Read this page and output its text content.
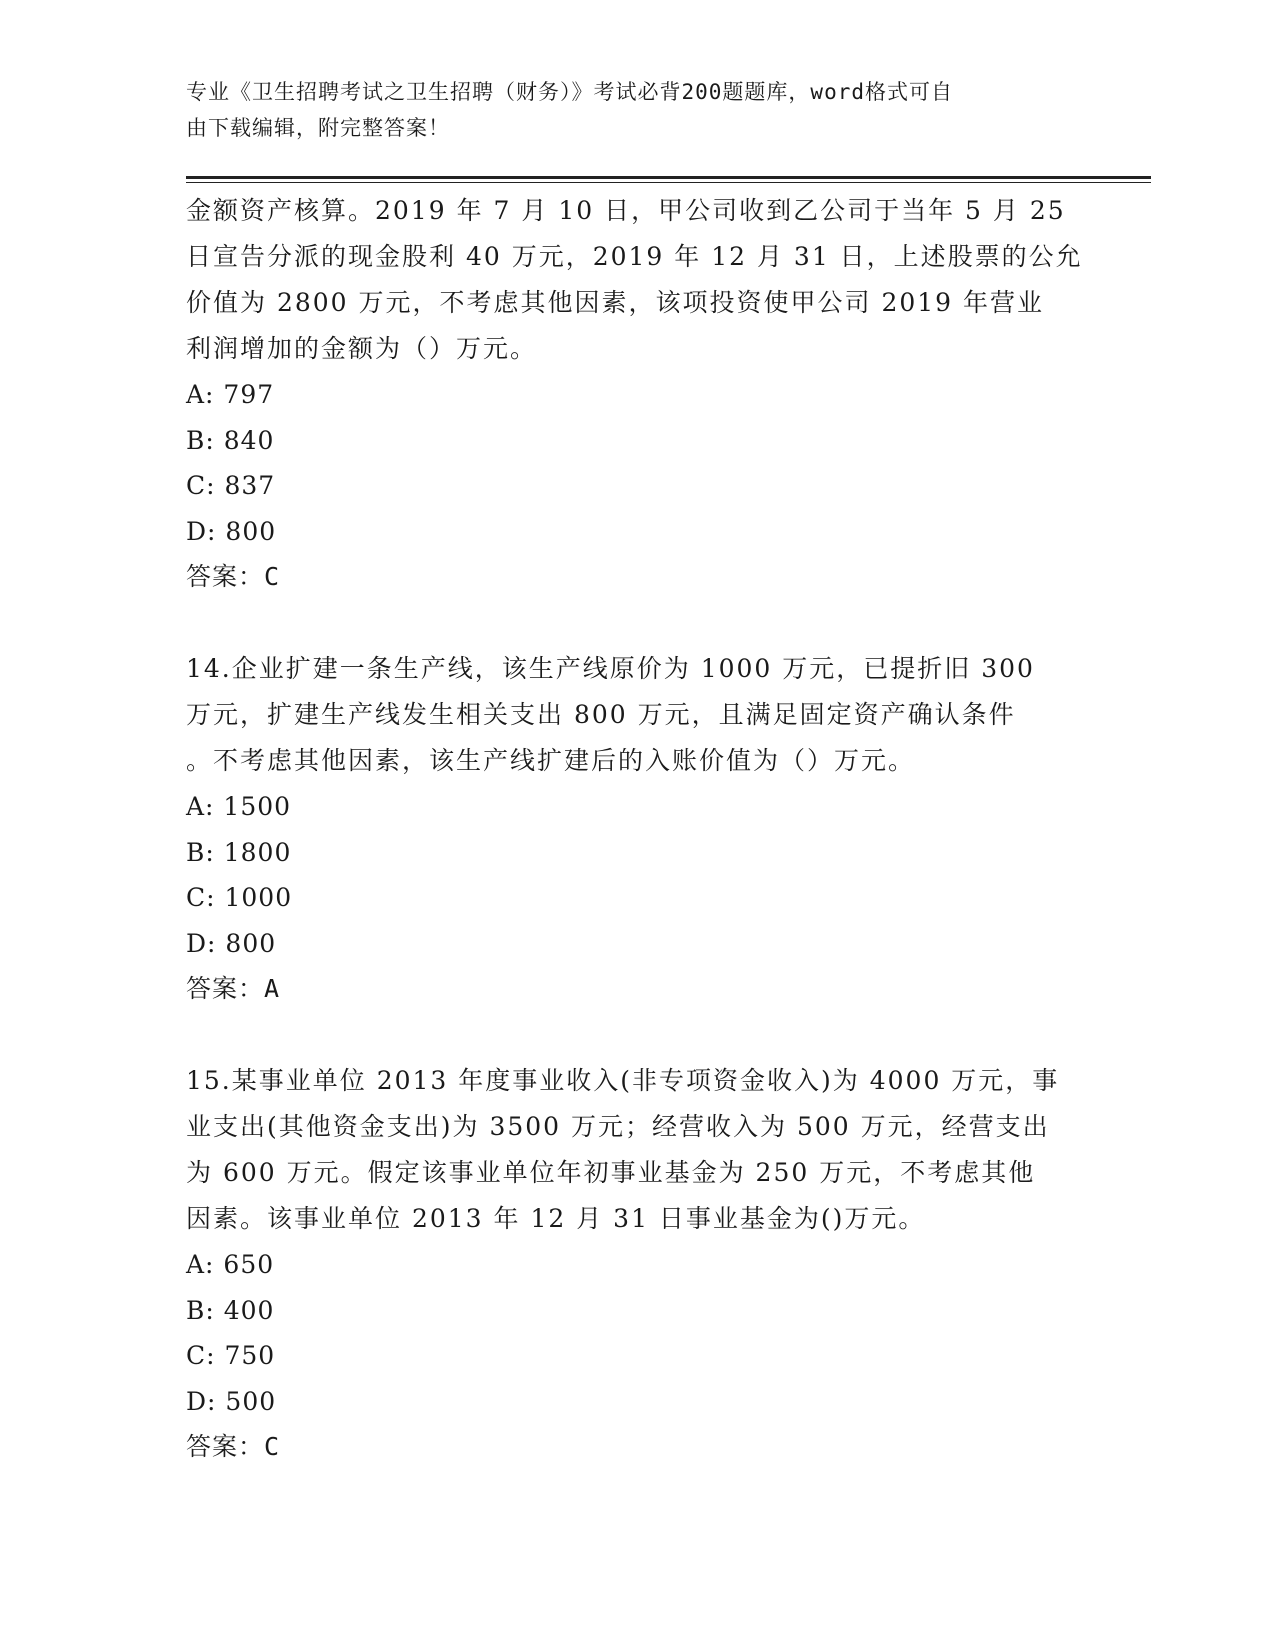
专业《卫生招聘考试之卫生招聘（财务）》考试必背200题题库，word格式可自
由下载编辑，附完整答案！

金额资产核算。2019 年 7 月 10 日，甲公司收到乙公司于当年 5 月 25
日宣告分派的现金股利 40 万元，2019 年 12 月 31 日，上述股票的公允
价值为 2800 万元，不考虑其他因素，该项投资使甲公司 2019 年营业
利润增加的金额为（）万元。

A: 797

B: 840

C: 837

D: 800

答案：C

14.企业扩建一条生产线，该生产线原价为 1000 万元，已提折旧 300
万元，扩建生产线发生相关支出 800 万元，且满足固定资产确认条件
。不考虑其他因素，该生产线扩建后的入账价值为（）万元。

A: 1500

B: 1800

C: 1000

D: 800

答案：A

15.某事业单位 2013 年度事业收入(非专项资金收入)为 4000 万元，事
业支出(其他资金支出)为 3500 万元；经营收入为 500 万元，经营支出
为 600 万元。假定该事业单位年初事业基金为 250 万元，不考虑其他
因素。该事业单位 2013 年 12 月 31 日事业基金为()万元。

A: 650

B: 400

C: 750

D: 500

答案：C
